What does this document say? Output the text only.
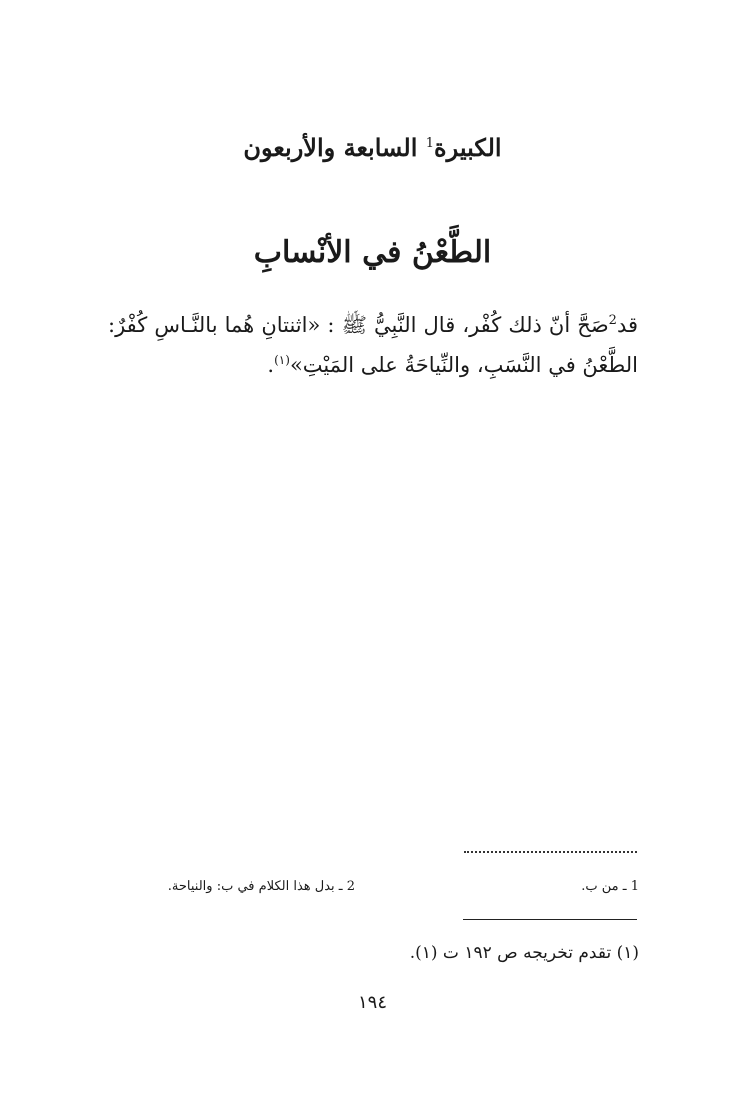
الكبيرة$^1$ السابعة والأربعون
الطَّعْنُ في الأنْسابِ
قد$^2$صَحَّ أنّ ذلك كُفْر، قال النَّبِيُّ ﷺ : «اثنتانِ هُما بالنَّـاسِ كُفْرٌ: الطَّعْنُ في النَّسَبِ، والنِّياحَةُ على المَيْتِ»$^{(١)}$.
1 ـ من ب.
2 ـ بدل هذا الكلام في ب: والنياحة.
(١) تقدم تخريجه ص ١٩٢ ت (١).
١٩٤
